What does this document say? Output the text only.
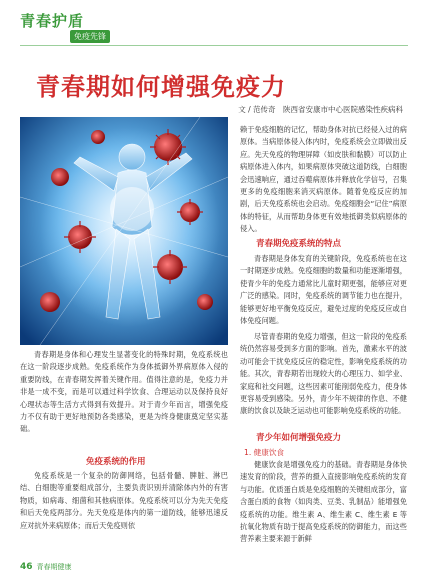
青春护盾
免疫先锋
青春期如何增强免疫力
文 / 范传奇　陕西省安康市中心医院感染性疾病科
青春期是身体和心理发生显著变化的特殊时期，免疫系统也在这一阶段逐步成熟。免疫系统作为身体抵御外界病原体入侵的重要防线，在青春期发挥着关键作用。值得注意的是，免疫力并非是一成不变，而是可以通过科学饮食、合理运动以及保持良好心理状态等生活方式得到有效提升。对于青少年而言，增强免疫力不仅有助于更好地预防各类感染，更是为终身健康奠定坚实基础。
免疫系统的作用
免疫系统是一个复杂的防御网络，包括骨髓、脾脏、淋巴结、白细胞等重要组成部分，主要负责识别并清除体内外的有害物质，如病毒、细菌和其他病原体。免疫系统可以分为先天免疫和后天免疫两部分。先天免疫是体内的第一道防线，能够迅速反应对抗外来病原体；而后天免疫则依
赖于免疫细胞的记忆，帮助身体对抗已经侵入过的病原体。当病原体侵入体内时，免疫系统会立即做出反应。先天免疫的物理屏障（如皮肤和黏膜）可以防止病原体进入体内，如果病原体突破这道防线，白细胞会迅速响应，通过吞噬病原体并释放化学信号，召集更多的免疫细胞来消灭病原体。随着免疫反应的加剧，后天免疫系统也会启动。免疫细胞会“记住”病原体的特征，从而帮助身体更有效地抵御类似病原体的侵入。
青春期免疫系统的特点
青春期是身体发育的关键阶段，免疫系统也在这一时期逐步成熟。免疫细胞的数量和功能逐渐增强，使青少年的免疫力通常比儿童时期更强，能够应对更广泛的感染。同时，免疫系统的调节能力也在提升，能够更好地平衡免疫反应，避免过度的免疫反应或自体免疫问题。
尽管青春期的免疫力增强，但这一阶段的免疫系统仍然容易受到多方面的影响。首先，激素水平的波动可能会干扰免疫反应的稳定性，影响免疫系统的功能。其次，青春期若出现较大的心理压力、如学业、家庭和社交问题，这些因素可能削弱免疫力，使身体更容易受到感染。另外，青少年不规律的作息、不健康的饮食以及缺乏运动也可能影响免疫系统的功能。
青少年如何增强免疫力
1. 健康饮食
健康饮食是增强免疫力的基础。青春期是身体快速发育的阶段，营养的摄入直接影响免疫系统的发育与功能。优质蛋白质是免疫细胞的关键组成部分，富含蛋白质的食物（如肉类、豆类、乳制品）能增强免疫系统的功能。维生素 A、维生素 C、维生素 E 等抗氧化物质有助于提高免疫系统的防御能力，而这些营养素主要来源于新鲜
46 青春期健康
